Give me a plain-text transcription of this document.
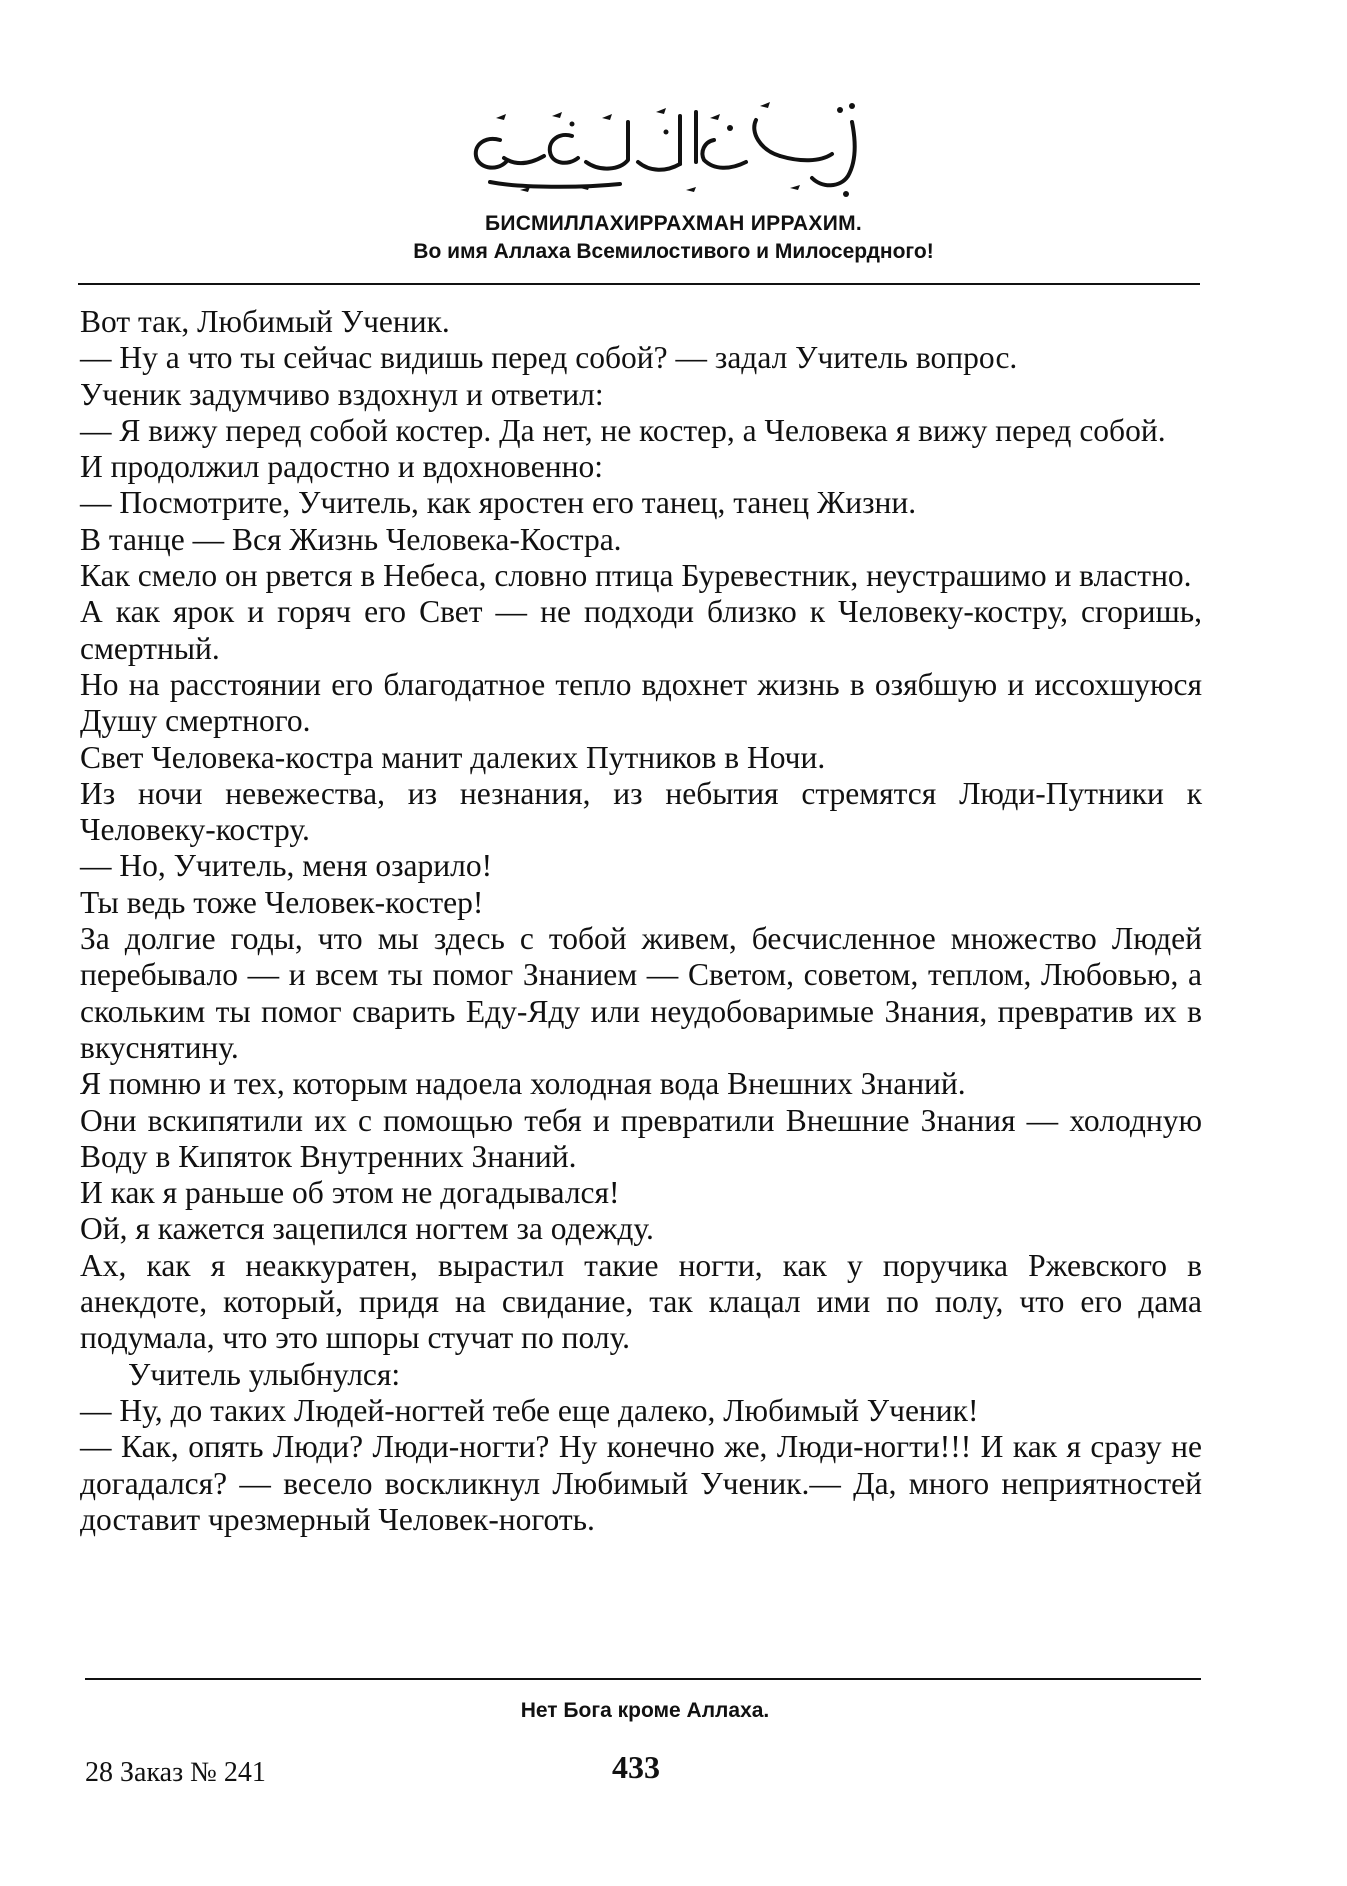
БИСМИЛЛАХИРРАХМАН ИРРАХИМ.
Во имя Аллаха Всемилостивого и Милосердного!

Вот так, Любимый Ученик.

— Ну а что ты сейчас видишь перед собой? — задал Учитель вопрос.

Ученик задумчиво вздохнул и ответил:

— Я вижу перед собой костер. Да нет, не костер, а Человека я вижу перед собой.

И продолжил радостно и вдохновенно:

— Посмотрите, Учитель, как яростен его танец, танец Жизни.

В танце — Вся Жизнь Человека-Костра.

Как смело он рвется в Небеса, словно птица Буревестник, неустрашимо и властно.

А как ярок и горяч его Свет — не подходи близко к Человеку-костру, сгоришь, смертный.

Но на расстоянии его благодатное тепло вдохнет жизнь в озябшую и иссохшуюся Душу смертного.

Свет Человека-костра манит далеких Путников в Ночи.

Из ночи невежества, из незнания, из небытия стремятся Люди-Путники к Человеку-костру.

— Но, Учитель, меня озарило!

Ты ведь тоже Человек-костер!

За долгие годы, что мы здесь с тобой живем, бесчисленное множество Людей перебывало — и всем ты помог Знанием — Светом, советом, теплом, Любовью, а скольким ты помог сварить Еду-Яду или неудобоваримые Знания, превратив их в вкуснятину.

Я помню и тех, которым надоела холодная вода Внешних Знаний.

Они вскипятили их с помощью тебя и превратили Внешние Знания — холодную Воду в Кипяток Внутренних Знаний.

И как я раньше об этом не догадывался!

Ой, я кажется зацепился ногтем за одежду.

Ах, как я неаккуратен, вырастил такие ногти, как у поручика Ржевского в анекдоте, который, придя на свидание, так клацал ими по полу, что его дама подумала, что это шпоры стучат по полу.

Учитель улыбнулся:

— Ну, до таких Людей-ногтей тебе еще далеко, Любимый Ученик!

— Как, опять Люди? Люди-ногти? Ну конечно же, Люди-ногти!!! И как я сразу не догадался? — весело воскликнул Любимый Ученик.— Да, много неприятностей доставит чрезмерный Человек-ноготь.

Нет Бога кроме Аллаха.
28 Заказ № 241	433
